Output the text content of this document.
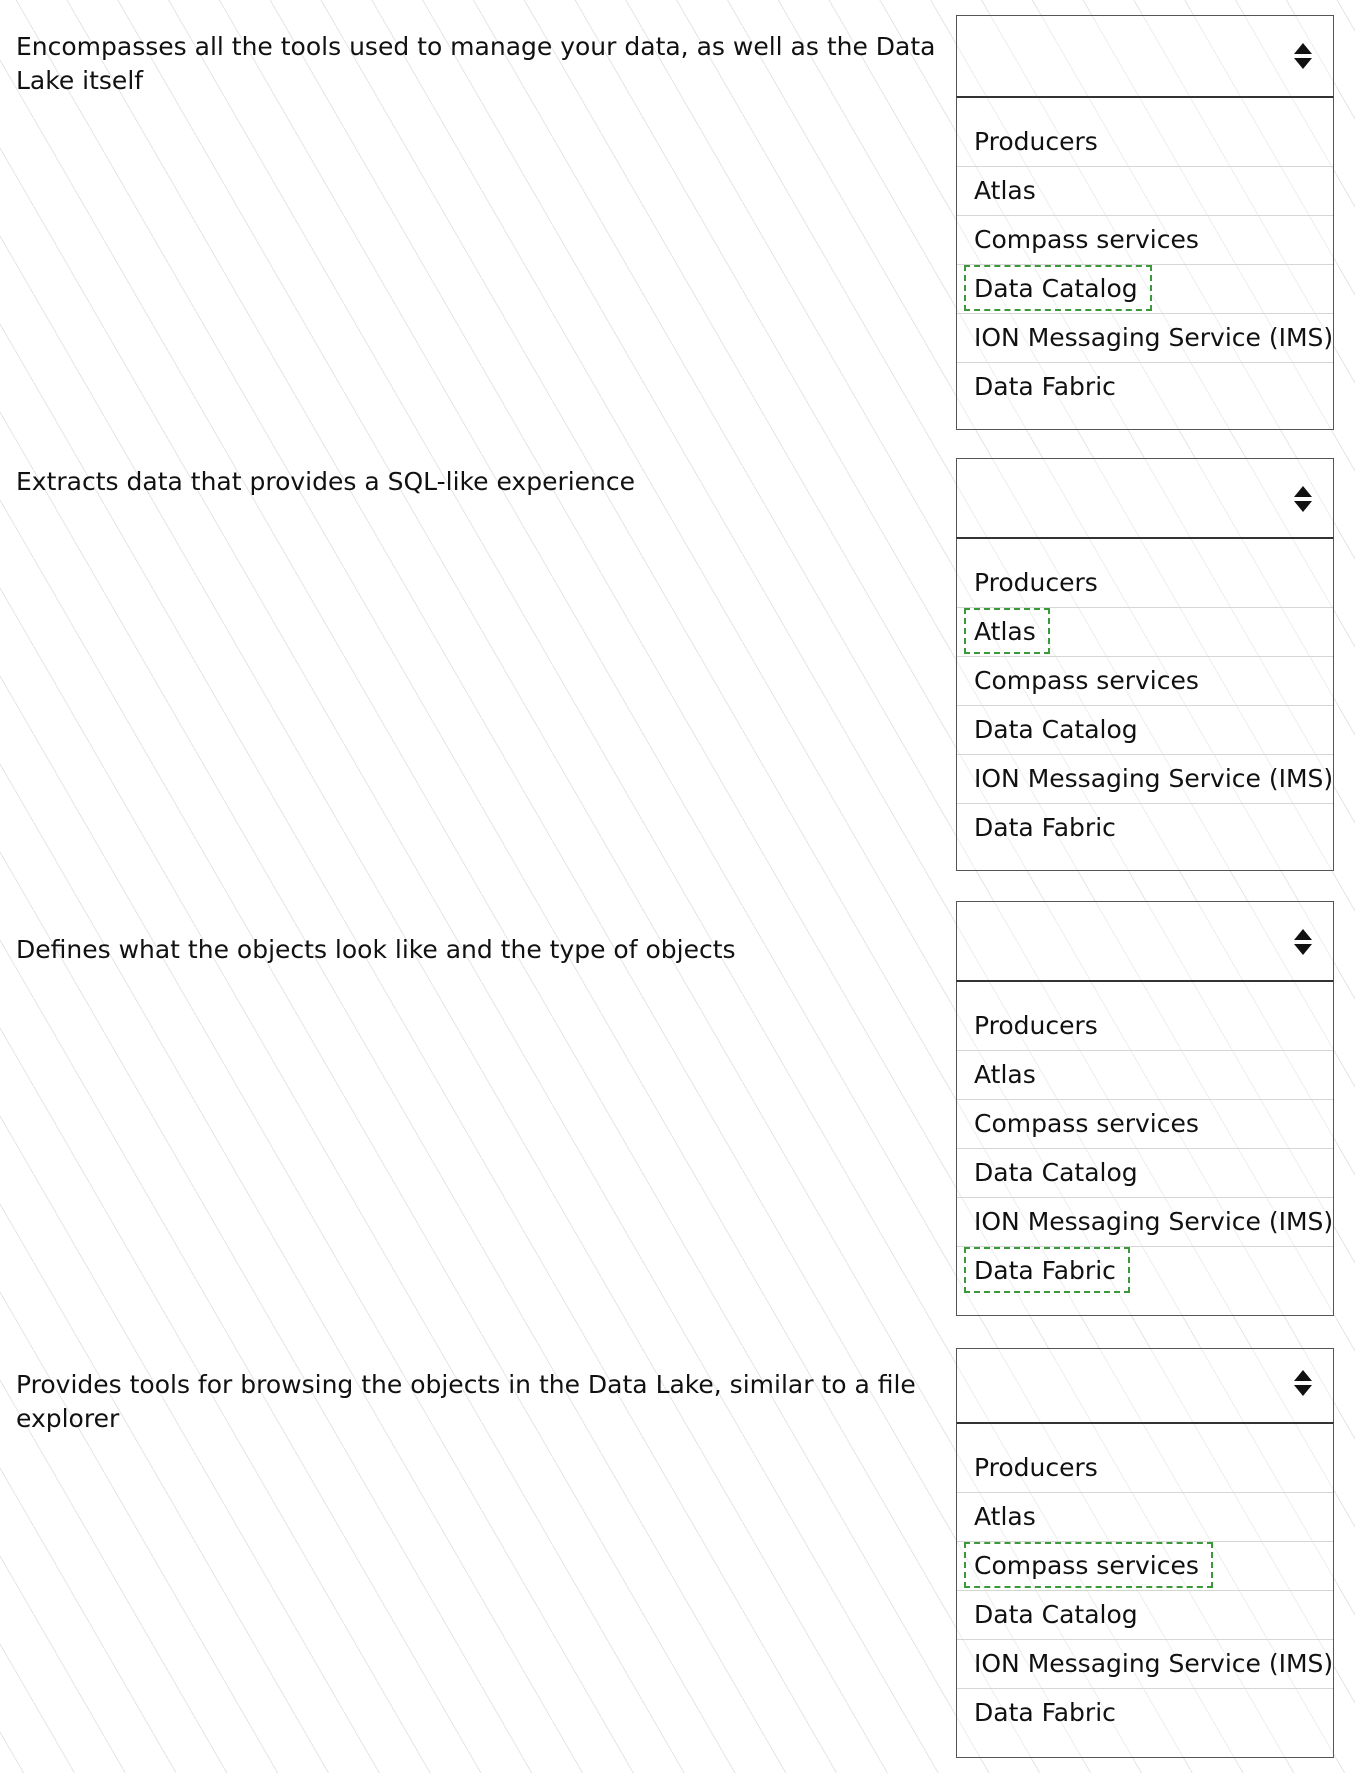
Encompasses all the tools used to manage your data, as well as the Data Lake itself
Producers
Atlas
Compass services
Data Catalog
ION Messaging Service (IMS)
Data Fabric
Extracts data that provides a SQL-like experience
Producers
Atlas
Compass services
Data Catalog
ION Messaging Service (IMS)
Data Fabric
Defines what the objects look like and the type of objects
Producers
Atlas
Compass services
Data Catalog
ION Messaging Service (IMS)
Data Fabric
Provides tools for browsing the objects in the Data Lake, similar to a file explorer
Producers
Atlas
Compass services
Data Catalog
ION Messaging Service (IMS)
Data Fabric
